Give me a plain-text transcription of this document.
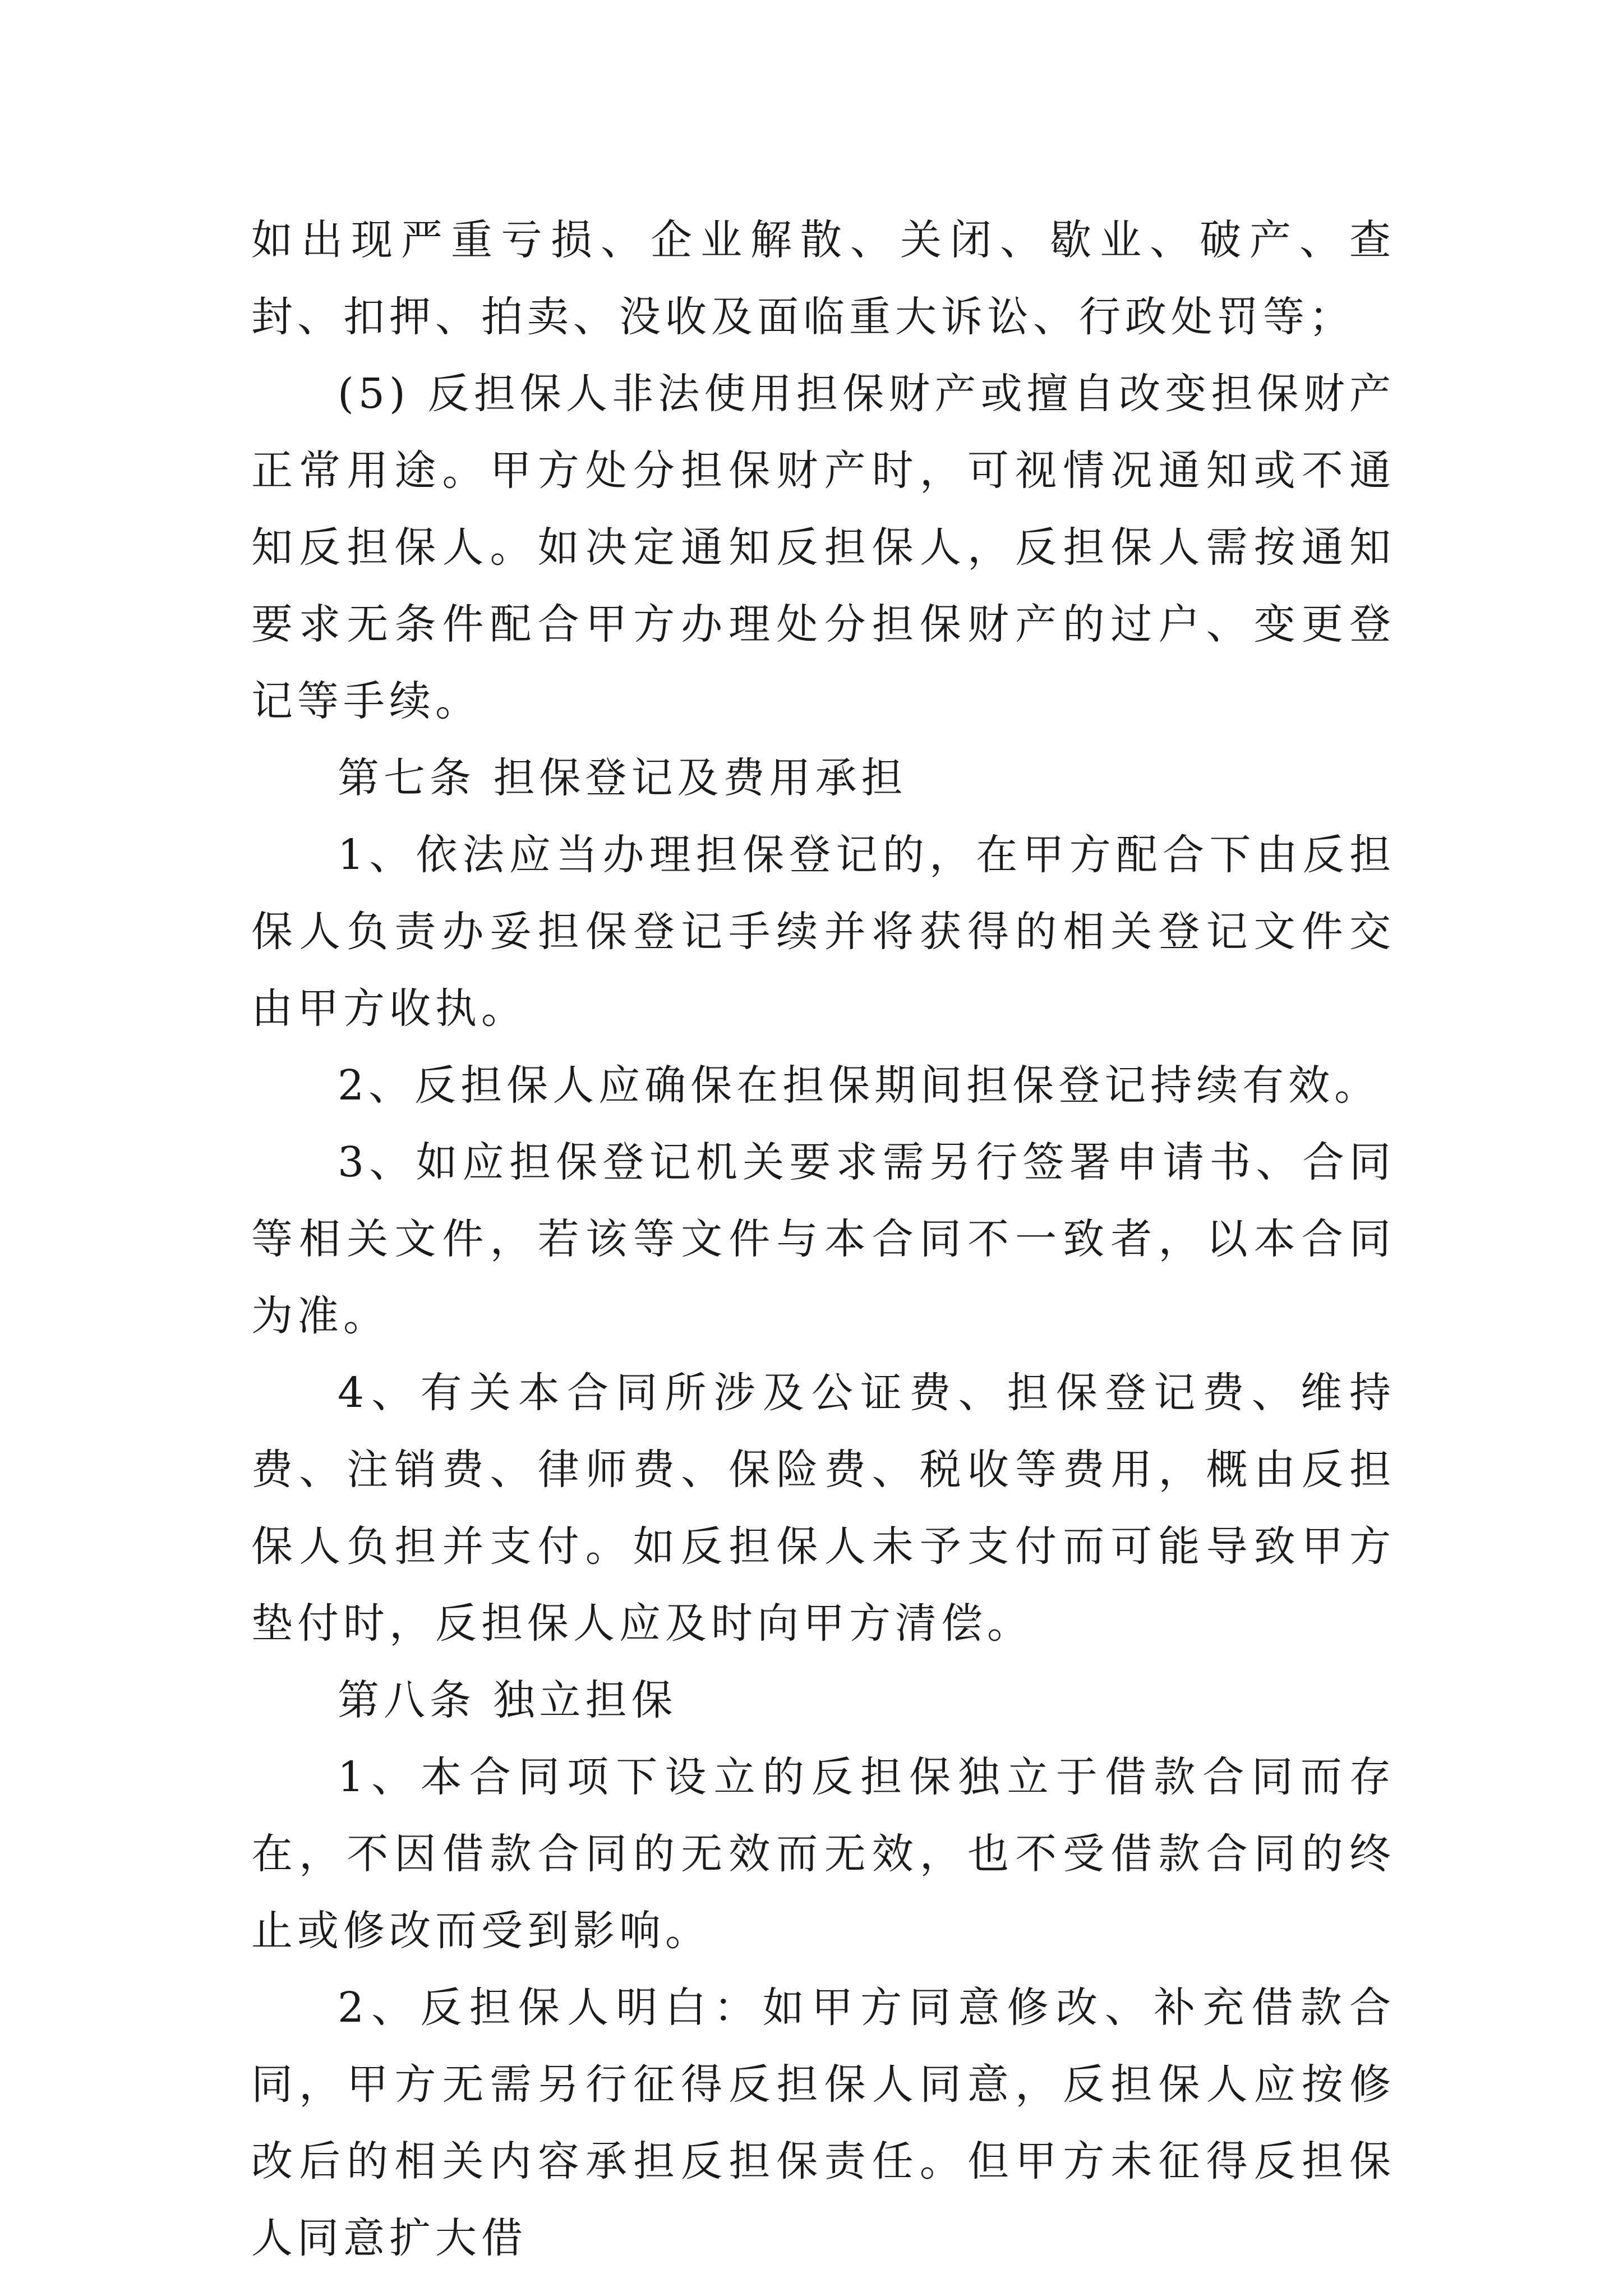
如出现严重亏损、企业解散、关闭、歇业、破产、查封、扣押、拍卖、没收及面临重大诉讼、行政处罚等；

(5) 反担保人非法使用担保财产或擅自改变担保财产正常用途。甲方处分担保财产时，可视情况通知或不通知反担保人。如决定通知反担保人，反担保人需按通知要求无条件配合甲方办理处分担保财产的过户、变更登记等手续。

第七条 担保登记及费用承担

1、依法应当办理担保登记的，在甲方配合下由反担保人负责办妥担保登记手续并将获得的相关登记文件交由甲方收执。

2、反担保人应确保在担保期间担保登记持续有效。

3、如应担保登记机关要求需另行签署申请书、合同等相关文件，若该等文件与本合同不一致者，以本合同为准。

4、有关本合同所涉及公证费、担保登记费、维持费、注销费、律师费、保险费、税收等费用，概由反担保人负担并支付。如反担保人未予支付而可能导致甲方垫付时，反担保人应及时向甲方清偿。

第八条 独立担保

1、本合同项下设立的反担保独立于借款合同而存在，不因借款合同的无效而无效，也不受借款合同的终止或修改而受到影响。

2、反担保人明白：如甲方同意修改、补充借款合同，甲方无需另行征得反担保人同意，反担保人应按修改后的相关内容承担反担保责任。但甲方未征得反担保人同意扩大借
